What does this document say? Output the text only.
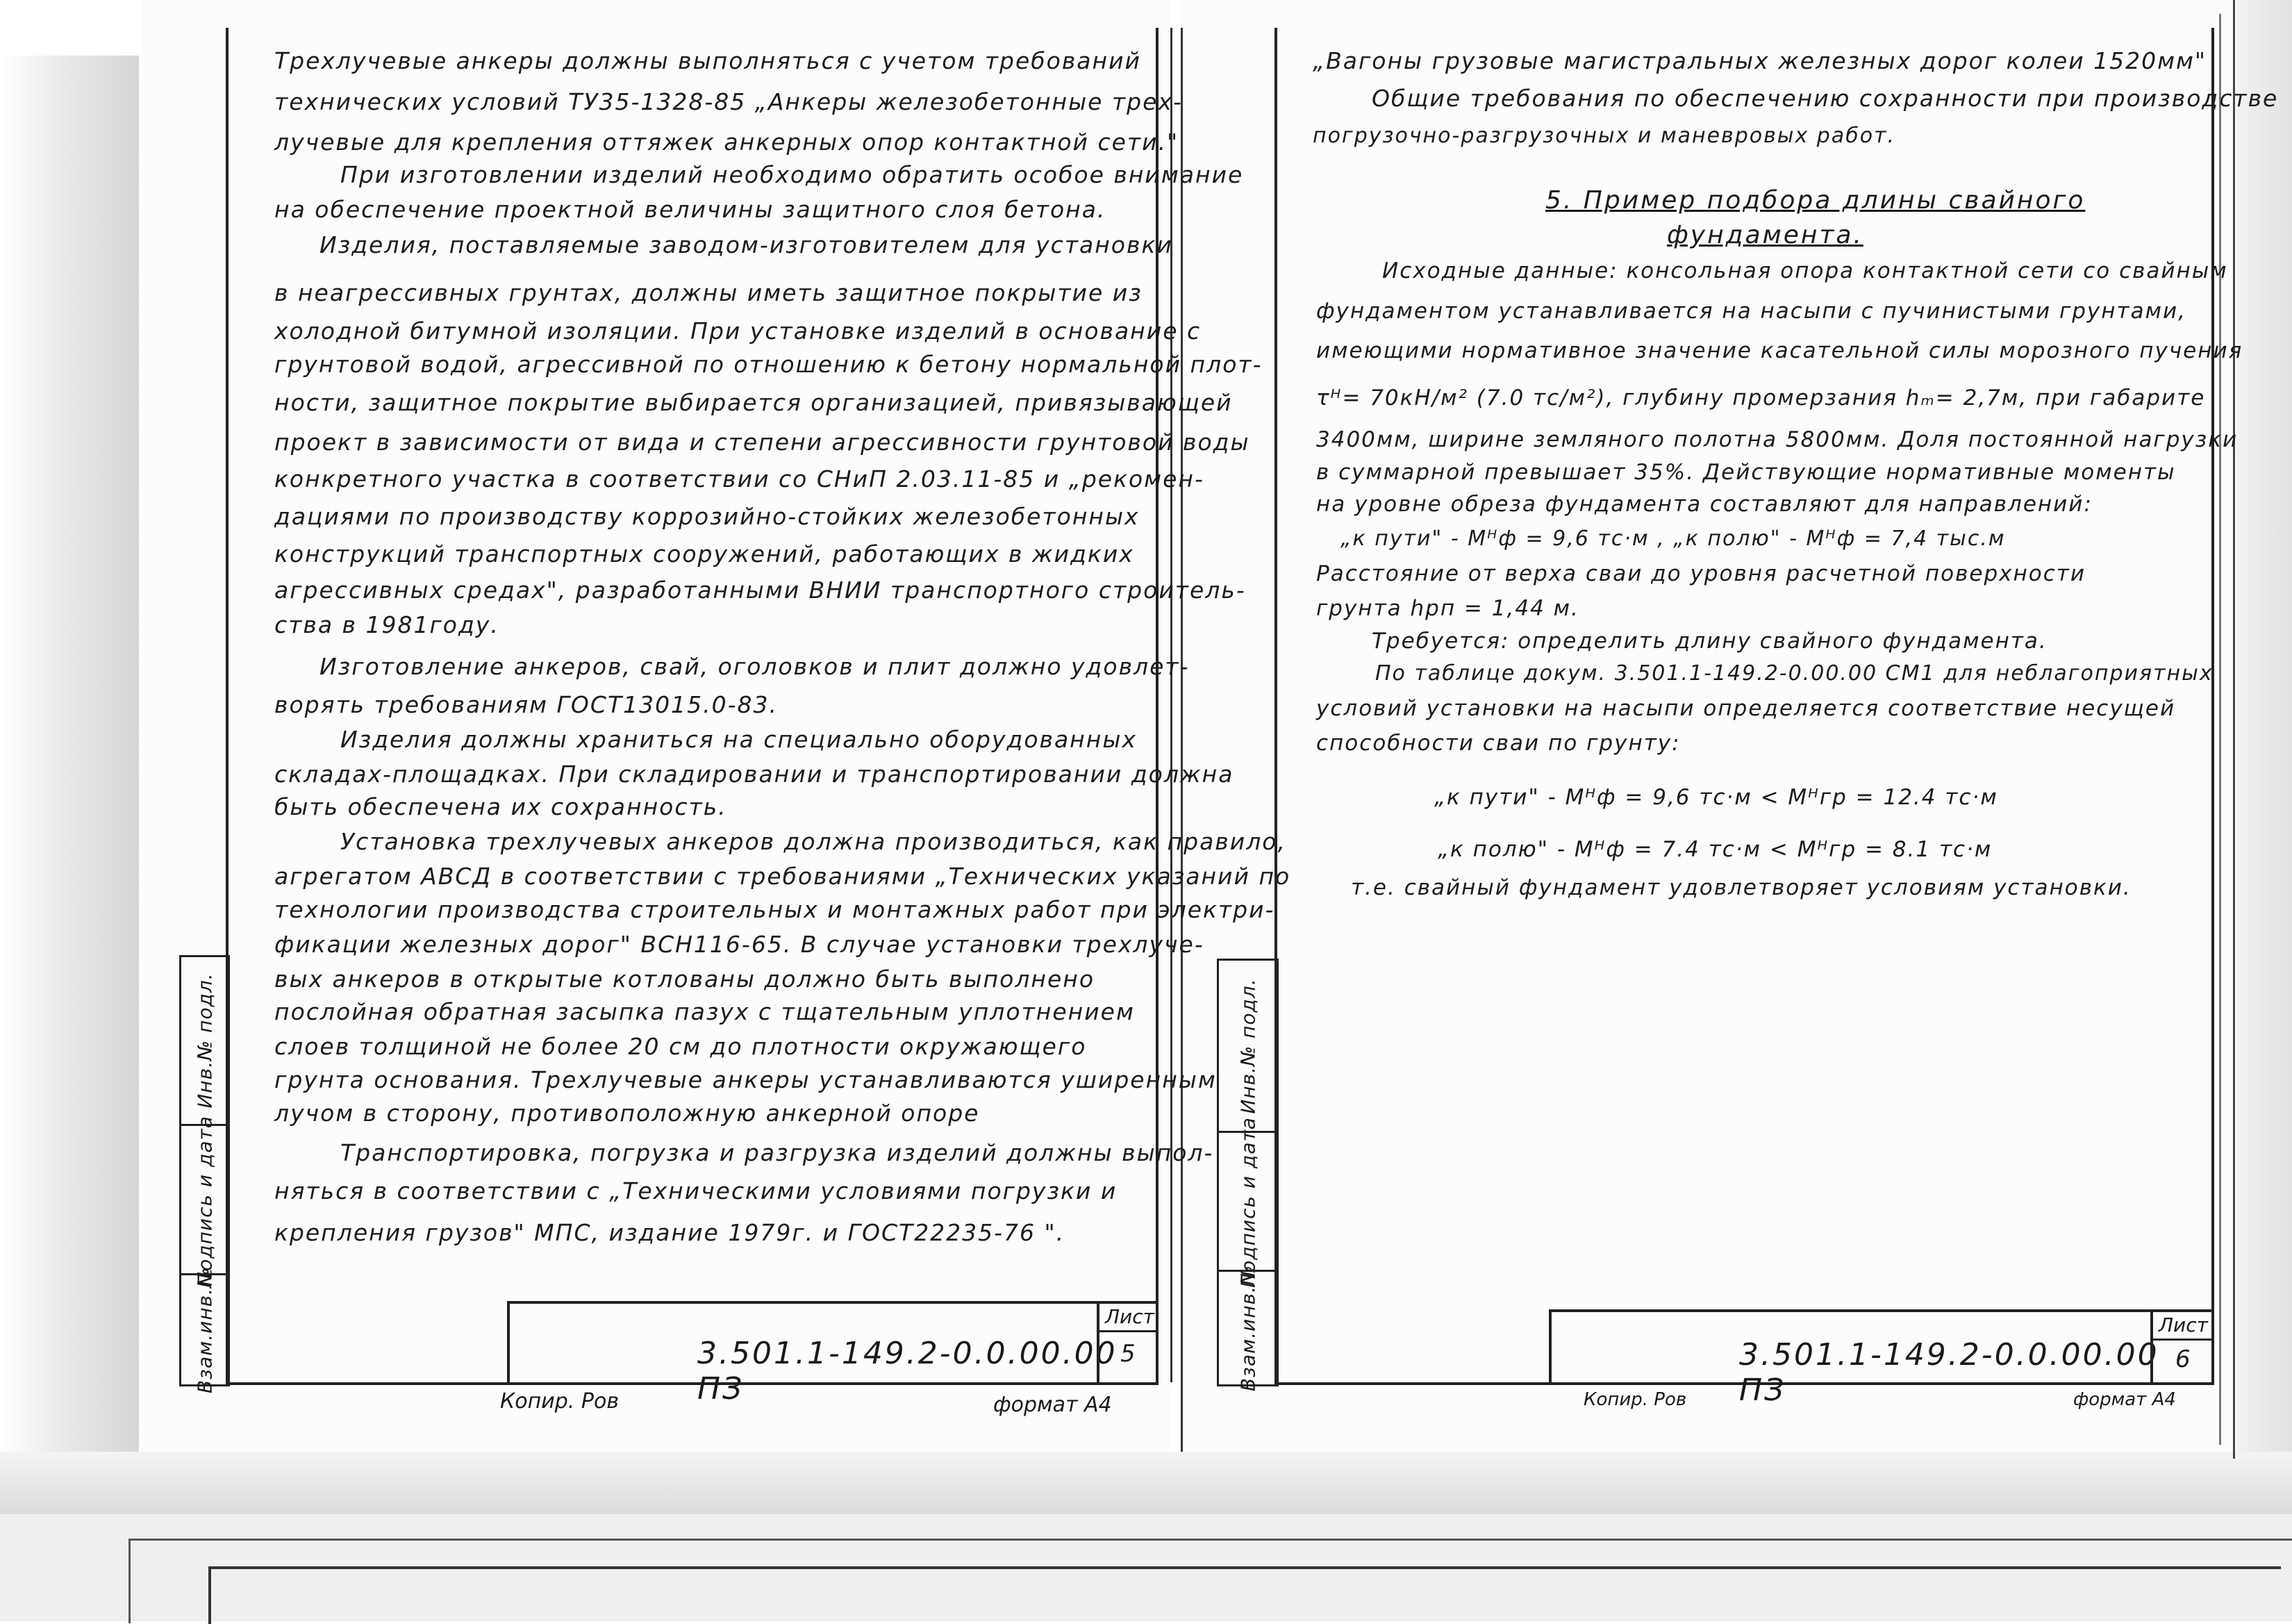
Инв.№ подл.
Подпись и дата
Взам.инв.№
Трехлучевые анкеры должны выполняться с учетом требований
технических условий ТУ35-1328-85 „Анкеры железобетонные трех-
лучевые для крепления оттяжек анкерных опор контактной сети."
При изготовлении изделий необходимо обратить особое внимание
на обеспечение проектной величины защитного слоя бетона.
Изделия, поставляемые заводом-изготовителем для установки
в неагрессивных грунтах, должны иметь защитное покрытие из
холодной битумной изоляции. При установке изделий в основание с
грунтовой водой, агрессивной по отношению к бетону нормальной плот-
ности, защитное покрытие выбирается организацией, привязывающей
проект в зависимости от вида и степени агрессивности грунтовой воды
конкретного участка в соответствии со СНиП 2.03.11-85 и „рекомен-
дациями по производству коррозийно-стойких железобетонных
конструкций транспортных сооружений, работающих в жидких
агрессивных средах", разработанными ВНИИ транспортного строитель-
ства в 1981году.
Изготовление анкеров, свай, оголовков и плит должно удовлет-
ворять требованиям ГОСТ13015.0-83.
Изделия должны храниться на специально оборудованных
складах-площадках. При складировании и транспортировании должна
быть обеспечена их сохранность.
Установка трехлучевых анкеров должна производиться, как правило,
агрегатом АВСД в соответствии с требованиями „Технических указаний по
технологии производства строительных и монтажных работ при электри-
фикации железных дорог" ВСН116-65. В случае установки трехлуче-
вых анкеров в открытые котлованы должно быть выполнено
послойная обратная засыпка пазух с тщательным уплотнением
слоев толщиной не более 20 см до плотности окружающего
грунта основания. Трехлучевые анкеры устанавливаются уширенным
лучом в сторону, противоположную анкерной опоре
Транспортировка, погрузка и разгрузка изделий должны выпол-
няться в соответствии с „Техническими условиями погрузки и
крепления грузов" МПС, издание 1979г. и ГОСТ22235-76 ".
3.501.1-149.2-0.0.00.00 ПЗ
Лист
5
Копир. Ров	формат А4
Инв.№ подл.
Подпись и дата
Взам.инв.№
„Вагоны грузовые магистральных железных дорог колеи 1520мм"
Общие требования по обеспечению сохранности при производстве
погрузочно-разгрузочных и маневровых работ.
5. Пример подбора длины свайного
фундамента.
Исходные данные: консольная опора контактной сети со свайным
фундаментом устанавливается на насыпи с пучинистыми грунтами,
имеющими нормативное значение касательной силы морозного пучения
τᴴ= 70кН/м² (7.0 тс/м²), глубину промерзания hₘ= 2,7м, при габарите
3400мм, ширине земляного полотна 5800мм. Доля постоянной нагрузки
в суммарной превышает 35%. Действующие нормативные моменты
на уровне обреза фундамента составляют для направлений:
„к пути" - Mᴴф = 9,6 тс·м , „к полю" - Mᴴф = 7,4 тыс.м
Расстояние от верха сваи до уровня расчетной поверхности
грунта hрп = 1,44 м.
Требуется: определить длину свайного фундамента.
По таблице докум. 3.501.1-149.2-0.00.00 СМ1 для неблагоприятных
условий установки на насыпи определяется соответствие несущей
способности сваи по грунту:
„к пути" - Mᴴф = 9,6 тс·м < Mᴴгр = 12.4 тс·м
„к полю" - Mᴴф = 7.4 тс·м < Mᴴгр = 8.1 тс·м
т.е. свайный фундамент удовлетворяет условиям установки.
3.501.1-149.2-0.0.00.00 ПЗ
Лист
6
Копир. Ров	формат А4
